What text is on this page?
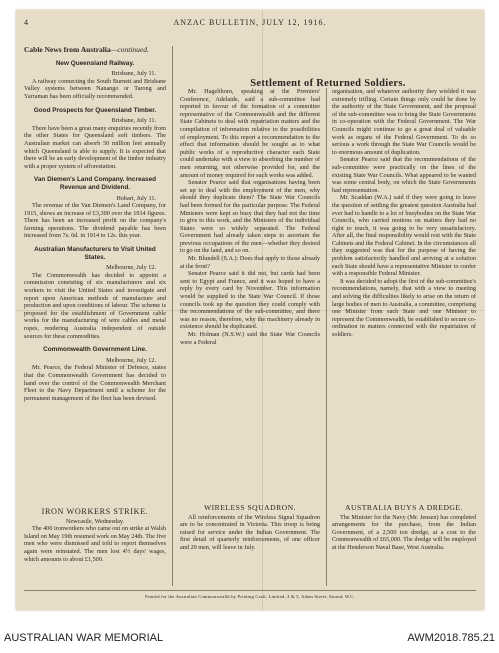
4	ANZAC BULLETIN, JULY 12, 1916.
Cable News from Australia—continued.
New Queensland Railway.
Brisbane, July 11.

A railway connecting the South Burnett and Brisbane Valley systems between Nanango or Tarong and Yarraman has been officially recommended.

Good Prospects for Queensland Timber.
Brisbane, July 11.

There have been a great many enquiries recently from the other States for Queensland soft timbers. The Australian market can absorb 50 million feet annually which Queensland is able to supply. It is expected that there will be an early development of the timber industry with a proper system of afforestation.

Van Diemen's Land Company. Increased Revenue and Dividend.
Hobart, July 11.

The revenue of the Van Diemen's Land Company, for 1915, shows an increase of £3,300 over the 1914 figures. There has been an increased profit on the company's farming operations. The dividend payable has been increased from 7s. 6d. in 1914 to 12s. this year.

Australian Manufacturers to Visit United States.
Melbourne, July 12.

The Commonwealth has decided to appoint a commission consisting of six manufacturers and six workers to visit the United States and investigate and report upon American methods of manufacture and production and upon conditions of labour. The scheme is proposed for the establishment of Government cable works for the manufacturing of wire cables and metal ropes, rendering Australia independent of outside sources for these commodities.

Commonwealth Government Line.
Melbourne, July 12.

Mr. Pearce, the Federal Minister of Defence, states that the Commonwealth Government has decided to hand over the control of the Commonwealth Merchant Fleet to the Navy Department until a scheme for the permanent management of the fleet has been devised.

Settlement of Returned Soldiers.

Mr. Hagelthorn, speaking at the Premiers' Conference, Adelaide, said a sub-committee had reported in favour of the formation of a committee representative of the Commonwealth and the different State Cabinets to deal with repatriation matters and the compilation of information relative to the possibilities of employment. To this report a recommendation to the effect that information should be sought as to what public works of a reproductive character each State could undertake with a view to absorbing the number of men returning, not otherwise provided for, and the amount of money required for such works was added.

Senator Pearce said that organisations having been set up to deal with the employment of the men, why should they duplicate them? The State War Councils had been formed for the particular purpose. The Federal Ministers were kept so busy that they had not the time to give to this work, and the Ministers of the individual States were so widely separated. The Federal Government had already taken steps to ascertain the previous occupations of the men—whether they desired to go on the land, and so on.

Mr. Blundell (S.A.): Does that apply to those already at the front?

Senator Pearce said it did not, but cards had been sent to Egypt and France, and it was hoped to have a reply by every card by November. This information would be supplied to the State War Council. If those councils took up the question they could comply with the recommendations of the sub-committee, and there was no reason, therefore, why the machinery already in existence should be duplicated.

Mr. Holman (N.S.W.) said the State War Councils were a Federal

organisation, and whatever authority they wielded it was extremely trifling. Certain things only could be done by the authority of the State Government, and the proposal of the sub-committee was to bring the State Governments in co-operation with the Federal Government. The War Councils might continue to go a great deal of valuable work as organs of the Federal Government. To do so serious a work through the State War Councils would be to enormous amount of duplication.

Senator Pearce said that the recommendations of the sub-committee were practically on the lines of the existing State War Councils. What appeared to be wanted was some central body, on which the State Governments had representation.

Mr. Scaddan (W.A.) said if they were going to leave the question of settling the greatest question Australia had ever had to handle to a lot of busybodies on the State War Councils, who carried motions on matters they had no right to touch, it was going to be very unsatisfactory. After all, the final responsibility would rest with the State Cabinets and the Federal Cabinet. In the circumstances all they suggested was that for the purpose of having the problem satisfactorily handled and arriving at a solution each State should have a representative Minister to confer with a responsible Federal Minister.

It was decided to adopt the first of the sub-committee's recommendations, namely, that with a view to meeting and solving the difficulties likely to arise on the return of large bodies of men to Australia, a committee, comprising one Minister from each State and one Minister to represent the Commonwealth, be established to secure co-ordination in matters connected with the repatriation of soldiers.

IRON WORKERS STRIKE.
Newcastle, Wednesday.

The 400 ironworkers who came out on strike at Walsh Island on May 19th resumed work on May 24th. The five men who were dismissed and told to report themselves again were reinstated. The men lost 4½ days' wages, which amounts to about £1,500.

WIRELESS SQUADRON.

All reinforcements of the Wireless Signal Squadron are to be concentrated in Victoria. This troop is being raised for service under the Indian Government. The first detail of quarterly reinforcements, of one officer and 20 men, will leave in July.

AUSTRALIA BUYS A DREDGE.

The Minister for the Navy (Mr. Jensen) has completed arrangements for the purchase, from the Indian Government, of a 2,500 ton dredge, at a cost to the Commonwealth of £65,000. The dredge will be employed at the Henderson Naval Base, West Australia.

Printed for the Australian Commonwealth by Printing Craft, Limited, 4 & 5, Adam Street, Strand, W.C.
AUSTRALIAN WAR MEMORIAL	AWM2018.785.21
